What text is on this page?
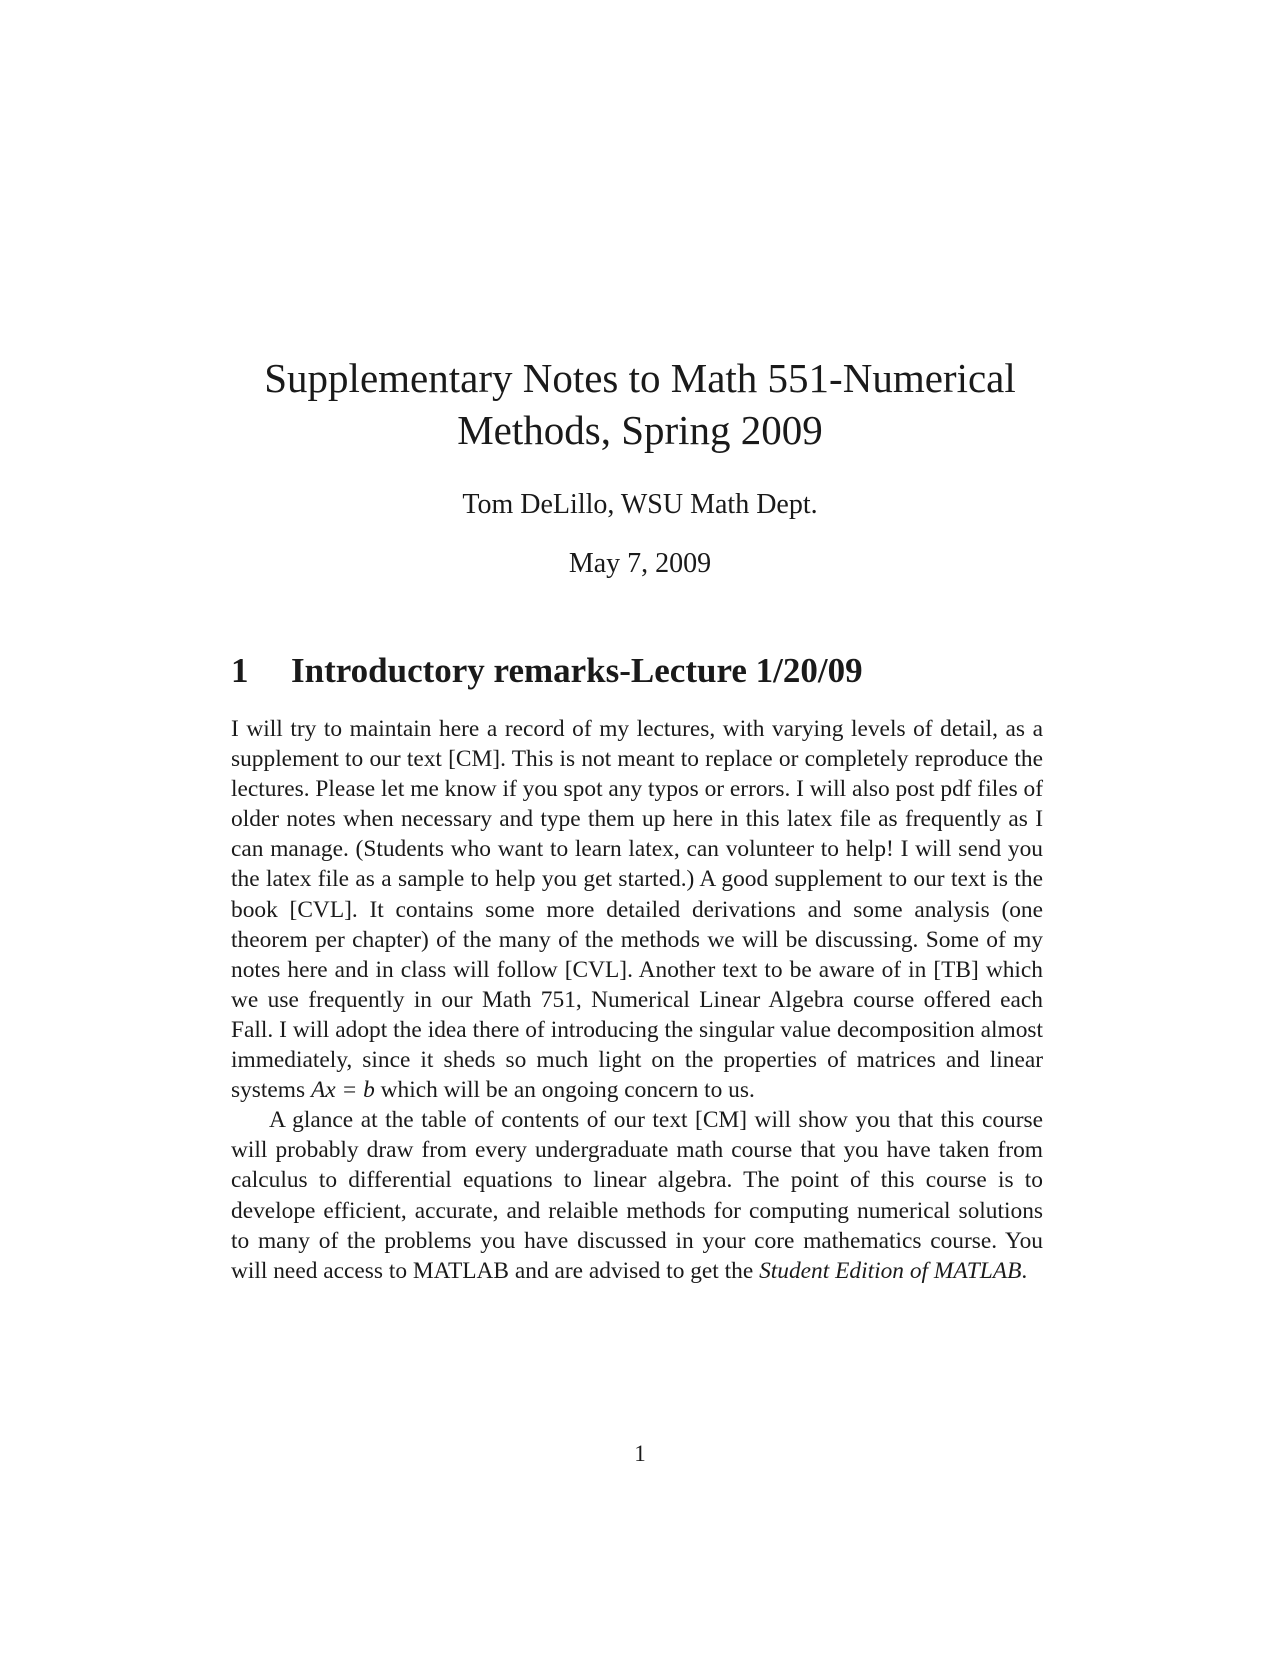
Supplementary Notes to Math 551-Numerical
Methods, Spring 2009

Tom DeLillo, WSU Math Dept.

May 7, 2009

1 Introductory remarks-Lecture 1/20/09

I will try to maintain here a record of my lectures, with varying levels of detail, as a supplement to our text [CM]. This is not meant to replace or completely reproduce the lectures. Please let me know if you spot any typos or errors. I will also post pdf files of older notes when necessary and type them up here in this latex file as frequently as I can manage. (Students who want to learn latex, can volunteer to help! I will send you the latex file as a sample to help you get started.) A good supplement to our text is the book [CVL]. It contains some more detailed derivations and some analysis (one theorem per chapter) of the many of the methods we will be discussing. Some of my notes here and in class will follow [CVL]. Another text to be aware of in [TB] which we use frequently in our Math 751, Numerical Linear Algebra course offered each Fall. I will adopt the idea there of introducing the singular value decomposition almost immediately, since it sheds so much light on the properties of matrices and linear systems Ax = b which will be an ongoing concern to us.

A glance at the table of contents of our text [CM] will show you that this course will probably draw from every undergraduate math course that you have taken from calculus to differential equations to linear algebra. The point of this course is to develope efficient, accurate, and relaible methods for computing numerical solutions to many of the problems you have discussed in your core mathematics course. You will need access to MATLAB and are advised to get the Student Edition of MATLAB.

1
